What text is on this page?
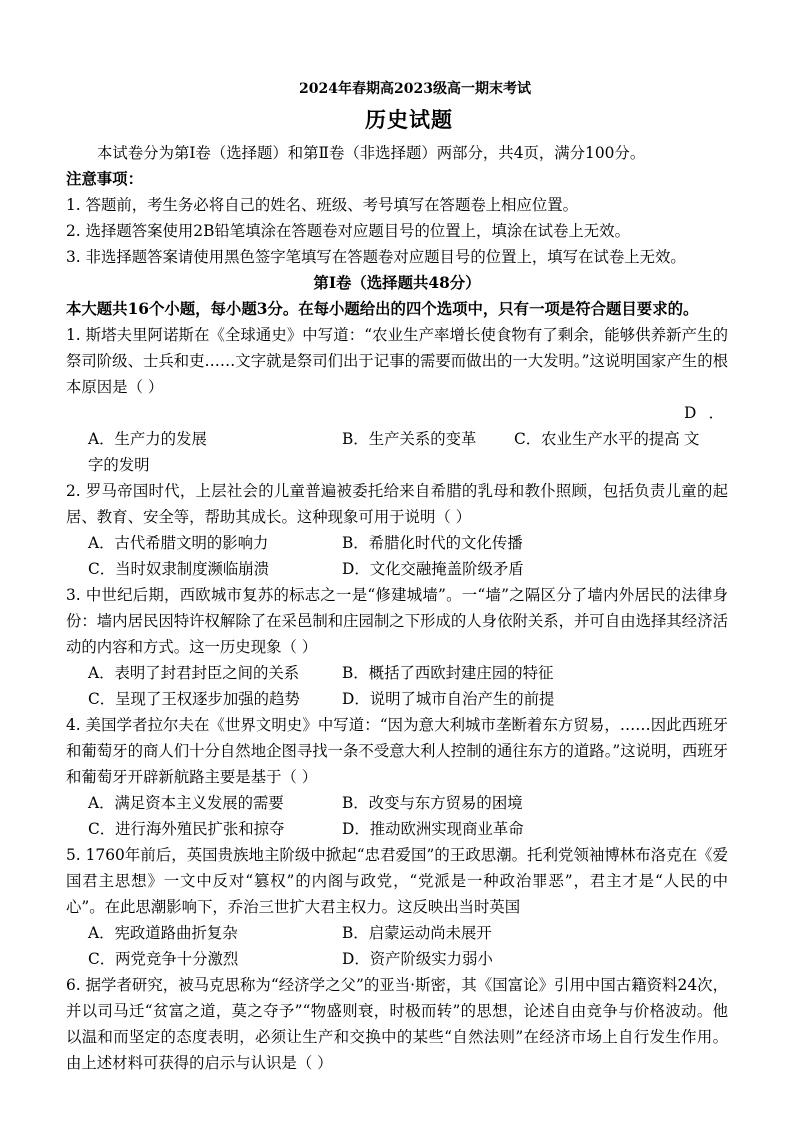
2024年春期高2023级高一期末考试
历史试题
本试卷分为第Ⅰ卷（选择题）和第Ⅱ卷（非选择题）两部分，共4页，满分100分。
注意事项：
1. 答题前，考生务必将自己的姓名、班级、考号填写在答题卷上相应位置。
2. 选择题答案使用2B铅笔填涂在答题卷对应题目号的位置上，填涂在试卷上无效。
3. 非选择题答案请使用黑色签字笔填写在答题卷对应题目号的位置上，填写在试卷上无效。
第Ⅰ卷（选择题共48分）
本大题共16个小题，每小题3分。在每小题给出的四个选项中，只有一项是符合题目要求的。
1. 斯塔夫里阿诺斯在《全球通史》中写道：“农业生产率增长使食物有了剩余，能够供养新产生的祭司阶级、士兵和吏……文字就是祭司们出于记事的需要而做出的一大发明。”这说明国家产生的根本原因是（ ）
A．生产力的发展	B．生产关系的变革 C．农业生产水平的提高D．文
字的发明
2. 罗马帝国时代，上层社会的儿童普遍被委托给来自希腊的乳母和教仆照顾，包括负责儿童的起居、教育、安全等，帮助其成长。这种现象可用于说明（ ）
A．古代希腊文明的影响力	B．希腊化时代的文化传播
C．当时奴隶制度濒临崩溃	D．文化交融掩盖阶级矛盾
3. 中世纪后期，西欧城市复苏的标志之一是“修建城墙”。一“墙”之隔区分了墙内外居民的法律身份：墙内居民因特许权解除了在采邑制和庄园制之下形成的人身依附关系，并可自由选择其经济活动的内容和方式。这一历史现象（ ）
A．表明了封君封臣之间的关系	B．概括了西欧封建庄园的特征
C．呈现了王权逐步加强的趋势	D．说明了城市自治产生的前提
4. 美国学者拉尔夫在《世界文明史》中写道：“因为意大利城市垄断着东方贸易，……因此西班牙和葡萄牙的商人们十分自然地企图寻找一条不受意大利人控制的通往东方的道路。”这说明，西班牙和葡萄牙开辟新航路主要是基于（ ）
A．满足资本主义发展的需要	B．改变与东方贸易的困境
C．进行海外殖民扩张和掠夺	D．推动欧洲实现商业革命
5. 1760年前后，英国贵族地主阶级中掀起“忠君爱国”的王政思潮。托利党领袖博林布洛克在《爱国君主思想》一文中反对“篡权”的内阁与政党，“党派是一种政治罪恶”，君主才是“人民的中心”。在此思潮影响下，乔治三世扩大君主权力。这反映出当时英国
A．宪政道路曲折复杂	B．启蒙运动尚未展开
C．两党竞争十分激烈	D．资产阶级实力弱小
6. 据学者研究，被马克思称为“经济学之父”的亚当·斯密，其《国富论》引用中国古籍资料24次，并以司马迁“贫富之道，莫之夺予”“物盛则衰，时极而转”的思想，论述自由竞争与价格波动。他以温和而坚定的态度表明，必须让生产和交换中的某些“自然法则”在经济市场上自行发生作用。由上述材料可获得的启示与认识是（ ）
